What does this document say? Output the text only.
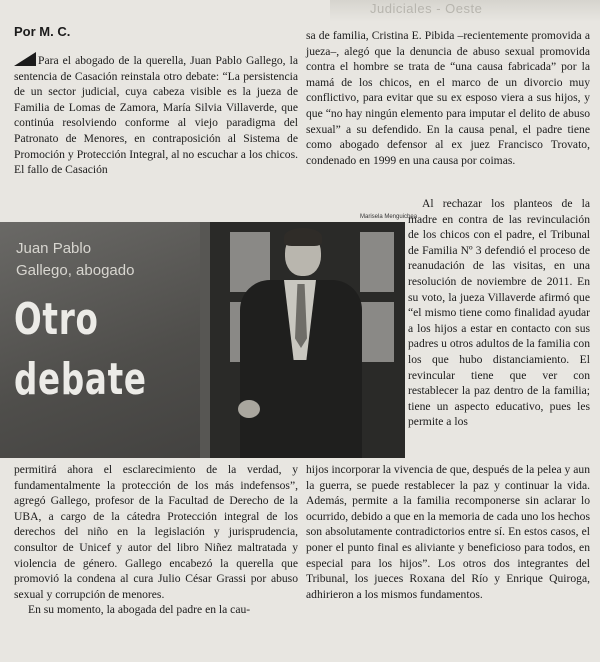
Judiciales - Oeste
Por M. C.

Para el abogado de la querella, Juan Pablo Gallego, la sentencia de Casación reinstala otro debate: “La persistencia de un sector judicial, cuya cabeza visible es la jueza de Familia de Lomas de Zamora, María Silvia Villaverde, que continúa resolviendo conforme al viejo paradigma del Patronato de Menores, en contraposición al Sistema de Promoción y Protección Integral, al no escuchar a los chicos. El fallo de Casación

sa de familia, Cristina E. Pibida –recientemente promovida a jueza–, alegó que la denuncia de abuso sexual promovida contra el hombre se trata de “una causa fabricada” por la mamá de los chicos, en el marco de un divorcio muy conflictivo, para evitar que su ex esposo viera a sus hijos, y que “no hay ningún elemento para imputar el delito de abuso sexual” a su defendido. En la causa penal, el padre tiene como abogado defensor al ex juez Francisco Trovato, condenado en 1999 en una causa por coimas.

Marisela Menguichea
Juan Pablo
Gallego, abogado
Otro
debate

Al rechazar los planteos de la madre en contra de las revinculación de los chicos con el padre, el Tribunal de Familia Nº 3 defendió el proceso de reanudación de las visitas, en una resolución de noviembre de 2011. En su voto, la jueza Villaverde afirmó que “el mismo tiene como finalidad ayudar a los hijos a estar en contacto con sus padres u otros adultos de la familia con los que hubo distanciamiento. El revincular tiene que ver con restablecer la paz dentro de la familia; tiene un aspecto educativo, pues les permite a los

permitirá ahora el esclarecimiento de la verdad, y fundamentalmente la protección de los más indefensos”, agregó Gallego, profesor de la Facultad de Derecho de la UBA, a cargo de la cátedra Protección integral de los derechos del niño en la legislación y jurisprudencia, consultor de Unicef y autor del libro Niñez maltratada y violencia de género. Gallego encabezó la querella que promovió la condena al cura Julio César Grassi por abuso sexual y corrupción de menores.

En su momento, la abogada del padre en la cau-

hijos incorporar la vivencia de que, después de la pelea y aun la guerra, se puede restablecer la paz y continuar la vida. Además, permite a la familia recomponerse sin aclarar lo ocurrido, debido a que en la memoria de cada uno los hechos son absolutamente contradictorios entre sí. En estos casos, el poner el punto final es aliviante y beneficioso para todos, en especial para los hijos”. Los otros dos integrantes del Tribunal, los jueces Roxana del Río y Enrique Quiroga, adhirieron a los mismos fundamentos.
